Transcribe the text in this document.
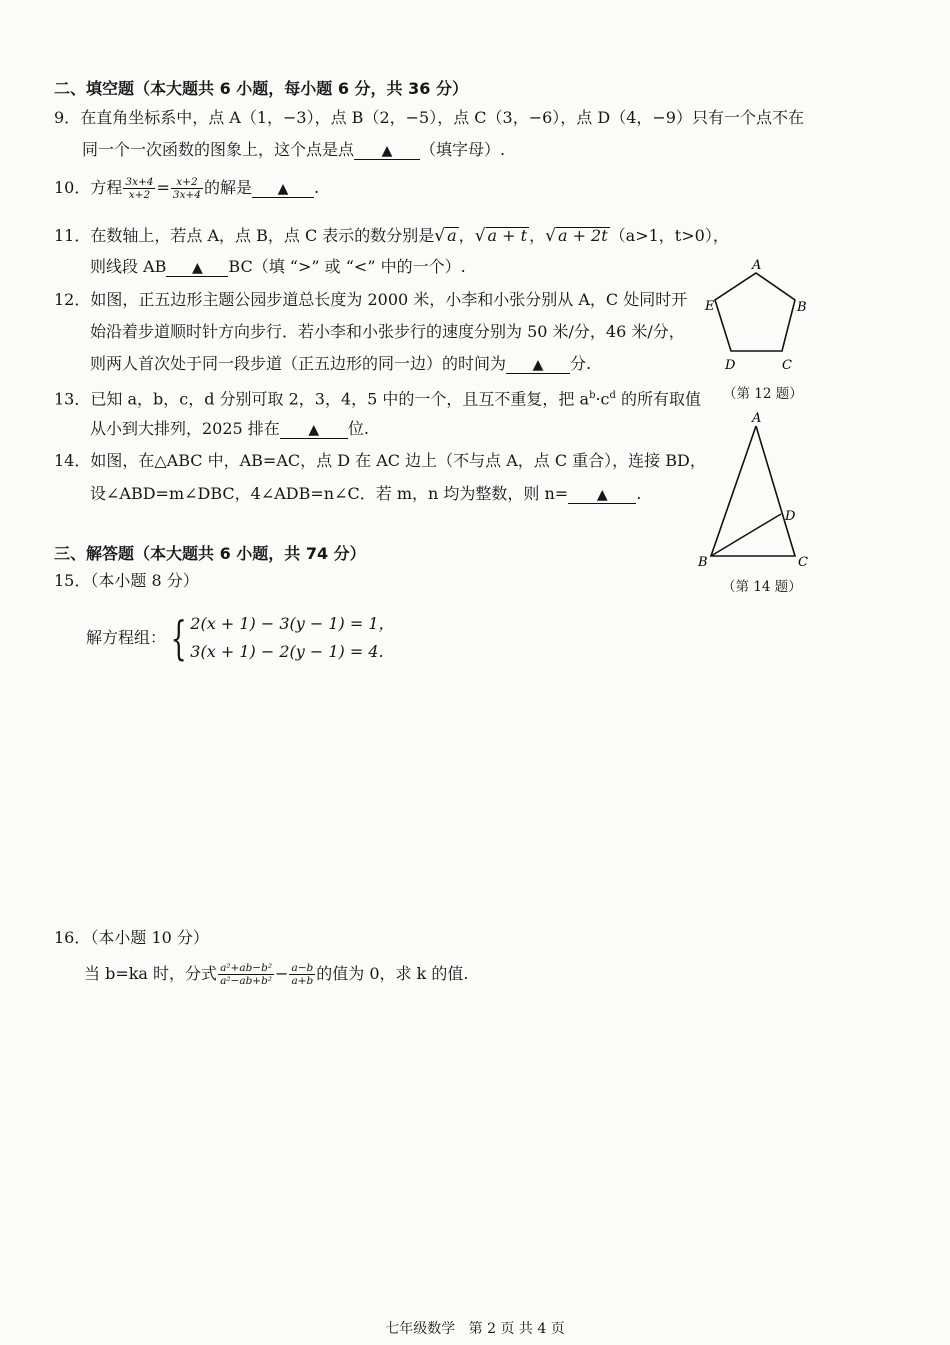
二、填空题（本大题共 6 小题，每小题 6 分，共 36 分）
9．在直角坐标系中，点 A（1，−3），点 B（2，−5），点 C（3，−6），点 D（4，−9）只有一个点不在
同一个一次函数的图象上，这个点是点 ▲ （填字母）.
10．方程 $\frac{3x+4}{x+2} = \frac{x+2}{3x+4}$ 的解是 ▲ .
11．在数轴上，若点 A，点 B，点 C 表示的数分别是√ a ，√ a + t ，√ a + 2t （a>1，t>0），
则线段 AB ▲ BC（填 “>” 或 “<” 中的一个）.
12．如图，正五边形主题公园步道总长度为 2000 米，小李和小张分别从 A，C 处同时开
始沿着步道顺时针方向步行．若小李和小张步行的速度分别为 50 米/分，46 米/分，
则两人首次处于同一段步道（正五边形的同一边）的时间为 ▲ 分.
13．已知 a，b，c，d 分别可取 2，3，4，5 中的一个，且互不重复，把 $a^b\cdot c^d$ 的所有取值
从小到大排列，2025 排在 ▲ 位.
14．如图，在△ABC 中，AB=AC，点 D 在 AC 边上（不与点 A，点 C 重合），连接 BD，
设∠ABD=m∠DBC，4∠ADB=n∠C．若 m，n 均为整数，则 n= ▲ .
A
B
C
D
E
（第 12 题）
A
B	C
D
（第 14 题）
三、解答题（本大题共 6 小题，共 74 分）
15．（本小题 8 分）
解方程组：{ 2(x + 1) − 3(y − 1) = 1，
3(x + 1) − 2(y − 1) = 4.
16．（本小题 10 分）
当 b=ka 时，分式 $\frac{\text{a²+ab−b²}}{\text{a²−ab+b²}} - \frac{a-b}{a+b}$ 的值为 0，求 k 的值.
七年级数学   第 2 页 共 4 页
